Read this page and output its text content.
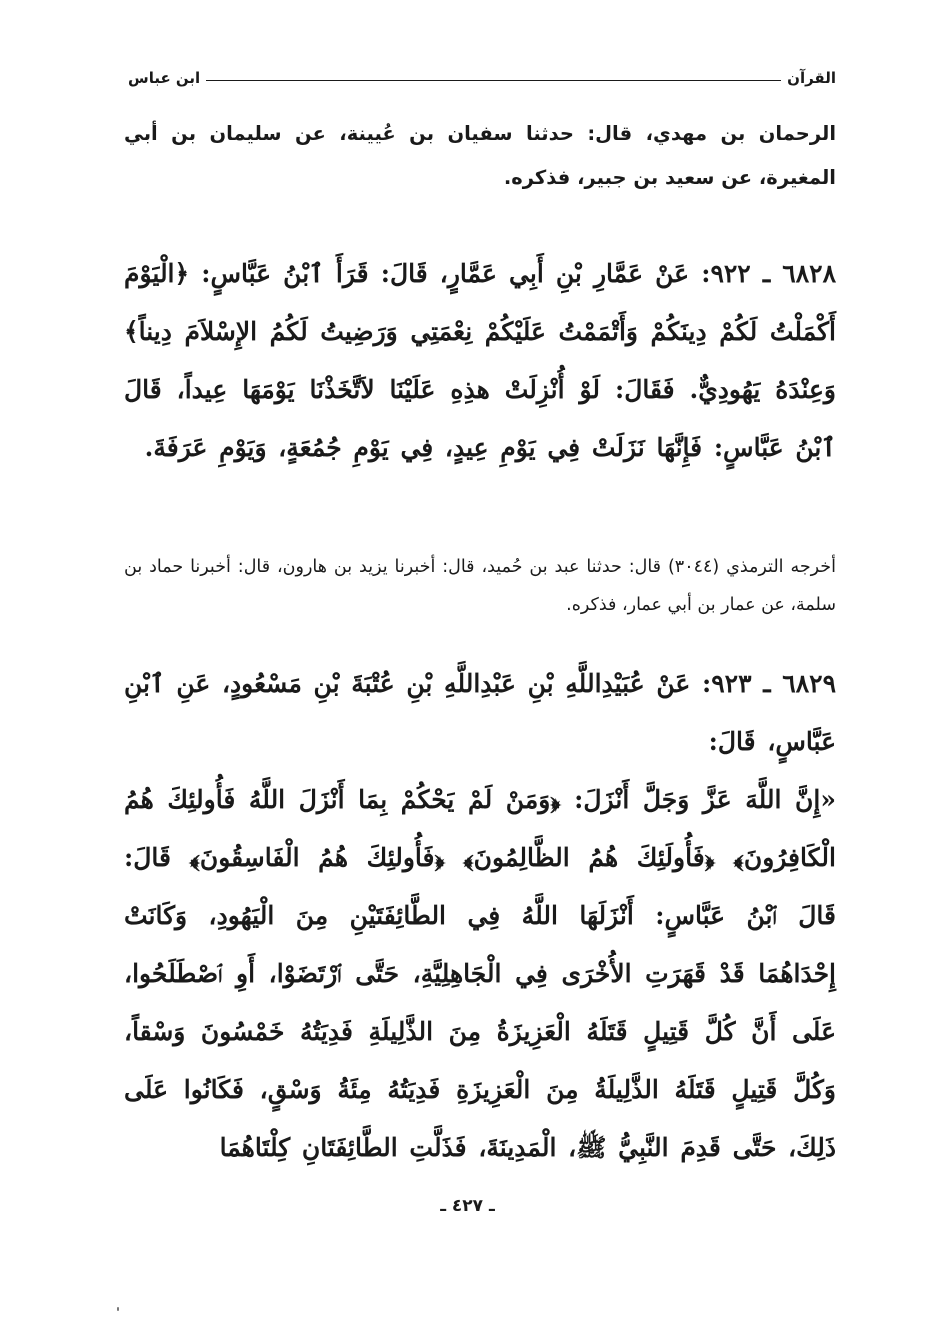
القرآن
ابن عباس

الرحمان بن مهدي، قال: حدثنا سفيان بن عُيينة، عن سليمان بن أبي المغيرة، عن سعيد بن جبير، فذكره.

٦٨٢٨ ـ ٩٢٢: عَنْ عَمَّارِ بْنِ أَبِي عَمَّارٍ، قَالَ: قَرَأَ ٱبْنُ عَبَّاسٍ: ﴿الْيَوْمَ أَكْمَلْتُ لَكُمْ دِينَكُمْ وَأَتْمَمْتُ عَلَيْكُمْ نِعْمَتِي وَرَضِيتُ لَكُمُ الإِسْلاَمَ دِيناً﴾ وَعِنْدَهُ يَهُودِيٌّ. فَقَالَ: لَوْ أُنْزِلَتْ هذِهِ عَلَيْنَا لاَتَّخَذْنَا يَوْمَهَا عِيداً، قَالَ ٱبْنُ عَبَّاسٍ: فَإِنَّهَا نَزَلَتْ فِي يَوْمِ عِيدٍ، فِي يَوْمِ جُمُعَةٍ، وَيَوْمِ عَرَفَةَ.

أخرجه الترمذي (٣٠٤٤) قال: حدثنا عبد بن حُميد، قال: أخبرنا يزيد بن هارون، قال: أخبرنا حماد بن سلمة، عن عمار بن أبي عمار، فذكره.

٦٨٢٩ ـ ٩٢٣: عَنْ عُبَيْدِاللَّهِ بْنِ عَبْدِاللَّهِ بْنِ عُتْبَةَ بْنِ مَسْعُودٍ، عَنِ ٱبْنِ عَبَّاسٍ، قَالَ:

«إِنَّ اللَّهَ عَزَّ وَجَلَّ أَنْزَلَ: ﴿وَمَنْ لَمْ يَحْكُمْ بِمَا أَنْزَلَ اللَّهُ فَأُولئِكَ هُمُ الْكَافِرُونَ﴾ ﴿فَأُولَئِكَ هُمُ الظَّالِمُونَ﴾ ﴿فَأُولئِكَ هُمُ الْفَاسِقُونَ﴾ قَالَ: قَالَ ٱبْنُ عَبَّاسٍ: أَنْزَلَهَا اللَّهُ فِي الطَّائِفَتَيْنِ مِنَ الْيَهُودِ، وَكَانَتْ إِحْدَاهُمَا قَدْ قَهَرَتِ الأُخْرَى فِي الْجَاهِلِيَّةِ، حَتَّى ٱرْتَضَوْا، أَوِ ٱصْطَلَحُوا، عَلَى أَنَّ كُلَّ قَتِيلٍ قَتَلَهُ الْعَزِيزَةُ مِنَ الذَّلِيلَةِ فَدِيَتُهُ خَمْسُونَ وَسْقاً، وَكُلَّ قَتِيلٍ قَتَلَهُ الذَّلِيلَةُ مِنَ الْعَزِيزَةِ فَدِيَتُهُ مِئَةُ وَسْقٍ، فَكَانُوا عَلَى ذَلِكَ، حَتَّى قَدِمَ النَّبِيُّ ﷺ، الْمَدِينَةَ، فَذَلَّتِ الطَّائِفَتَانِ كِلْتَاهُمَا

ـ ٤٢٧ ـ
